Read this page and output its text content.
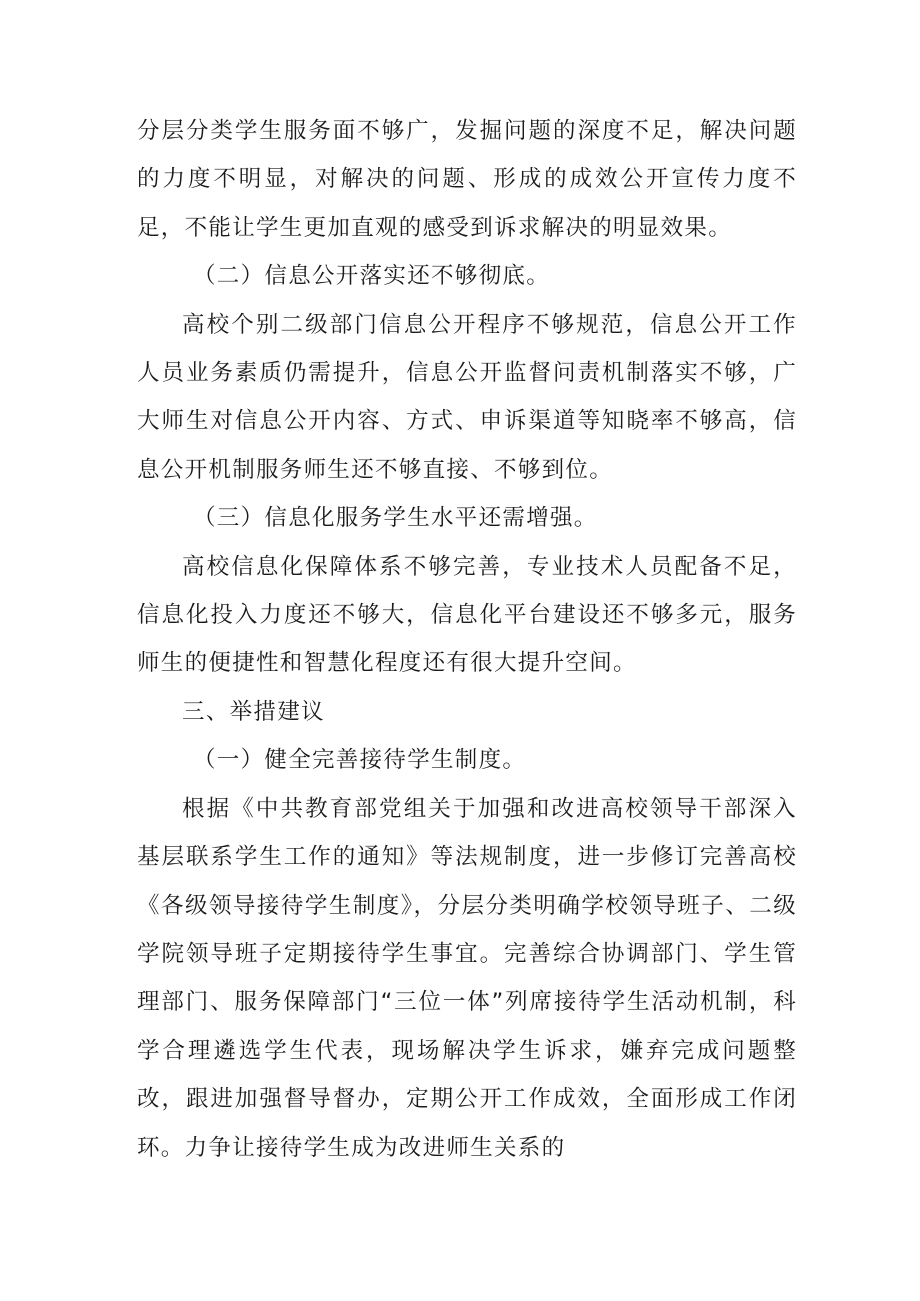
分层分类学生服务面不够广，发掘问题的深度不足，解决问题的力度不明显，对解决的问题、形成的成效公开宣传力度不足，不能让学生更加直观的感受到诉求解决的明显效果。

（二）信息公开落实还不够彻底。

高校个别二级部门信息公开程序不够规范，信息公开工作人员业务素质仍需提升，信息公开监督问责机制落实不够，广大师生对信息公开内容、方式、申诉渠道等知晓率不够高，信息公开机制服务师生还不够直接、不够到位。

（三）信息化服务学生水平还需增强。

高校信息化保障体系不够完善，专业技术人员配备不足，信息化投入力度还不够大，信息化平台建设还不够多元，服务师生的便捷性和智慧化程度还有很大提升空间。

三、举措建议

（一）健全完善接待学生制度。

根据《中共教育部党组关于加强和改进高校领导干部深入基层联系学生工作的通知》等法规制度，进一步修订完善高校《各级领导接待学生制度》，分层分类明确学校领导班子、二级学院领导班子定期接待学生事宜。完善综合协调部门、学生管理部门、服务保障部门“三位一体”列席接待学生活动机制，科学合理遴选学生代表，现场解决学生诉求，嫌弃完成问题整改，跟进加强督导督办，定期公开工作成效，全面形成工作闭环。力争让接待学生成为改进师生关系的
